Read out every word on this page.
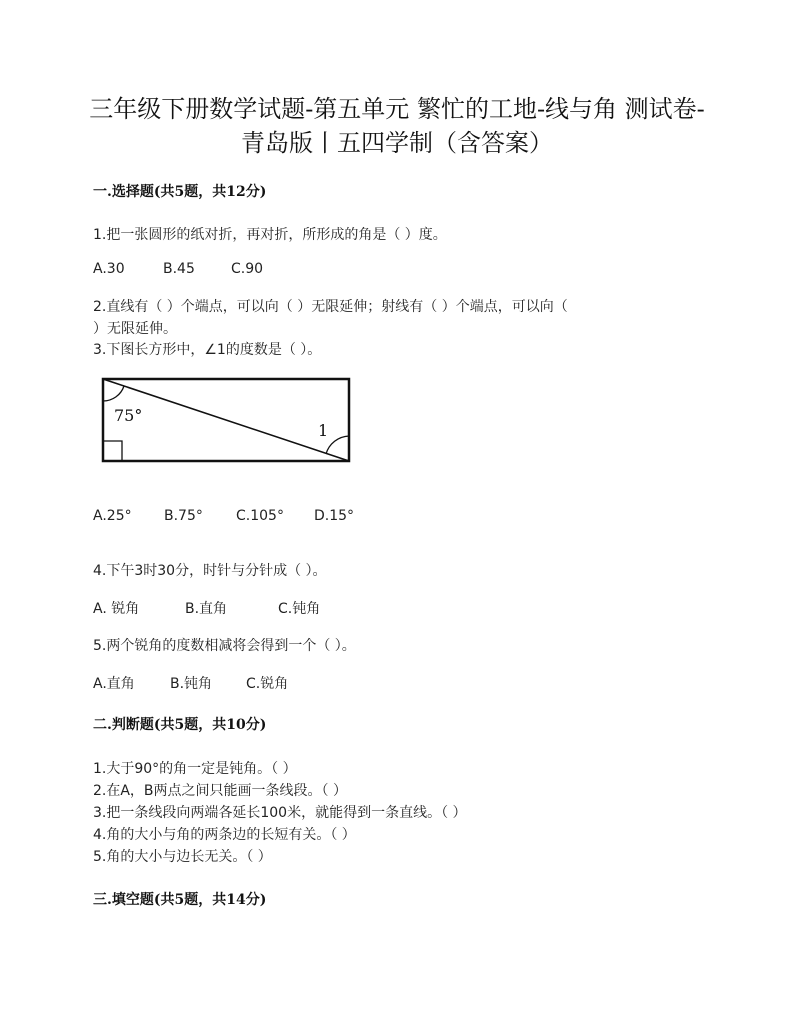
三年级下册数学试题-第五单元 繁忙的工地-线与角 测试卷-
青岛版丨五四学制（含答案）
一.选择题(共5题，共12分)
1.把一张圆形的纸对折，再对折，所形成的角是（ ）度。
A.30	B.45	C.90
2.直线有（ ）个端点，可以向（ ）无限延伸；射线有（ ）个端点，可以向（
）无限延伸。
3.下图长方形中，∠1的度数是（ ）。
75°
1
A.25° B.75° C.105° D.15°
4.下午3时30分，时针与分针成（ ）。
A. 锐角	B.直角	C.钝角
5.两个锐角的度数相减将会得到一个（ ）。
A.直角	B.钝角 C.锐角
二.判断题(共5题，共10分)
1.大于90°的角一定是钝角。（ ）
2.在A，B两点之间只能画一条线段。（ ）
3.把一条线段向两端各延长100米，就能得到一条直线。（ ）
4.角的大小与角的两条边的长短有关。（ ）
5.角的大小与边长无关。（ ）
三.填空题(共5题，共14分)
